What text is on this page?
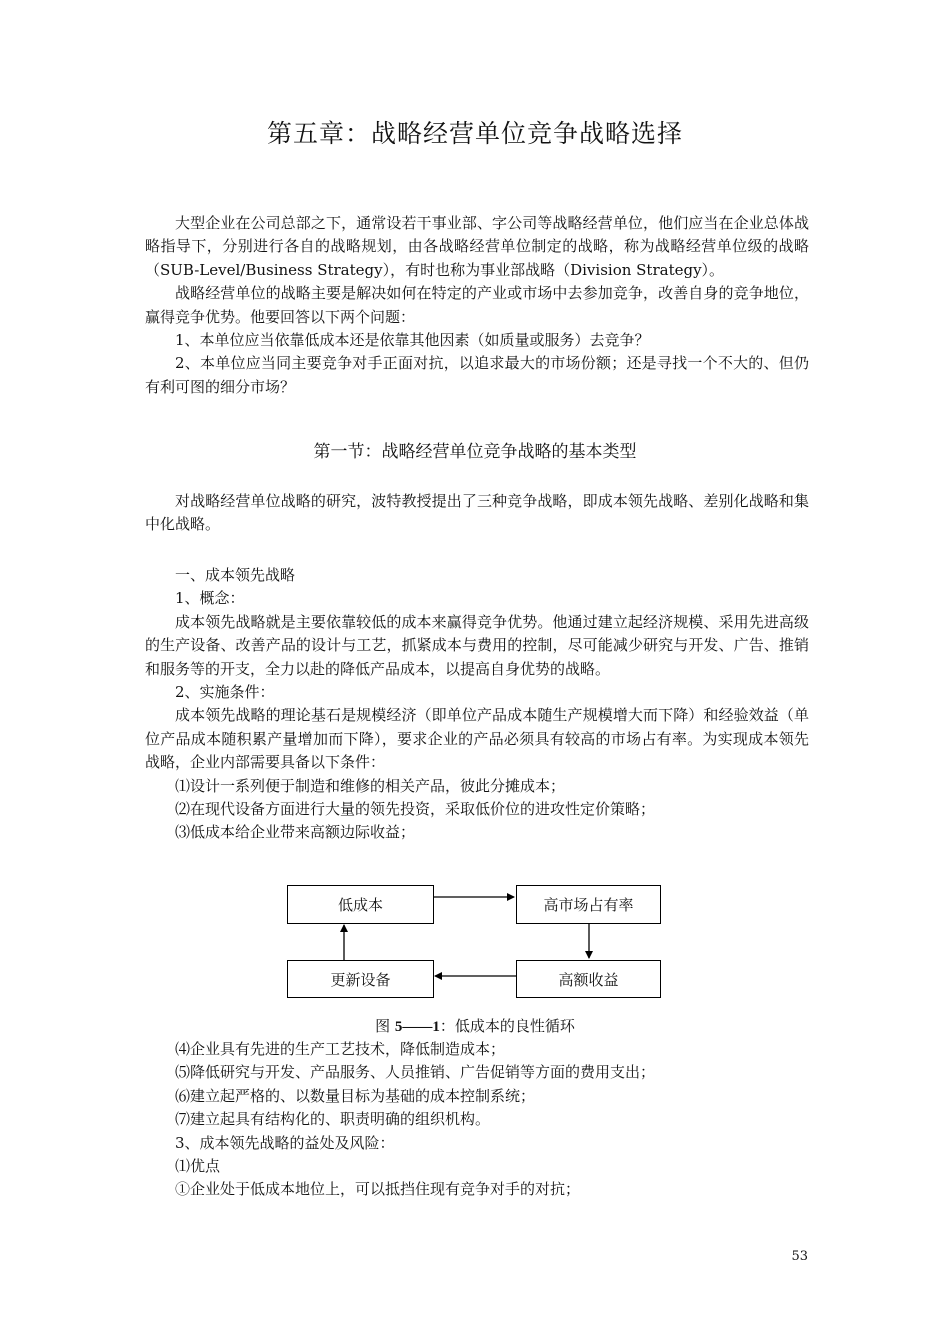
第五章：战略经营单位竞争战略选择

大型企业在公司总部之下，通常设若干事业部、字公司等战略经营单位，他们应当在企业总体战略指导下，分别进行各自的战略规划，由各战略经营单位制定的战略，称为战略经营单位级的战略（SUB-Level/Business Strategy），有时也称为事业部战略（Division Strategy）。

战略经营单位的战略主要是解决如何在特定的产业或市场中去参加竞争，改善自身的竞争地位，赢得竞争优势。他要回答以下两个问题：

1、本单位应当依靠低成本还是依靠其他因素（如质量或服务）去竞争？

2、本单位应当同主要竞争对手正面对抗，以追求最大的市场份额；还是寻找一个不大的、但仍有利可图的细分市场？

第一节：战略经营单位竞争战略的基本类型

对战略经营单位战略的研究，波特教授提出了三种竞争战略，即成本领先战略、差别化战略和集中化战略。

一、成本领先战略

1、概念：

成本领先战略就是主要依靠较低的成本来赢得竞争优势。他通过建立起经济规模、采用先进高级的生产设备、改善产品的设计与工艺，抓紧成本与费用的控制，尽可能减少研究与开发、广告、推销和服务等的开支，全力以赴的降低产品成本，以提高自身优势的战略。

2、实施条件：

成本领先战略的理论基石是规模经济（即单位产品成本随生产规模增大而下降）和经验效益（单位产品成本随积累产量增加而下降），要求企业的产品必须具有较高的市场占有率。为实现成本领先战略，企业内部需要具备以下条件：

⑴设计一系列便于制造和维修的相关产品，彼此分摊成本；

⑵在现代设备方面进行大量的领先投资，采取低价位的进攻性定价策略；

⑶低成本给企业带来高额边际收益；

低成本	高市场占有率
更新设备	高额收益
图 5——1：低成本的良性循环

⑷企业具有先进的生产工艺技术，降低制造成本；

⑸降低研究与开发、产品服务、人员推销、广告促销等方面的费用支出；

⑹建立起严格的、以数量目标为基础的成本控制系统；

⑺建立起具有结构化的、职责明确的组织机构。

3、成本领先战略的益处及风险：

⑴优点

①企业处于低成本地位上，可以抵挡住现有竞争对手的对抗；

53
